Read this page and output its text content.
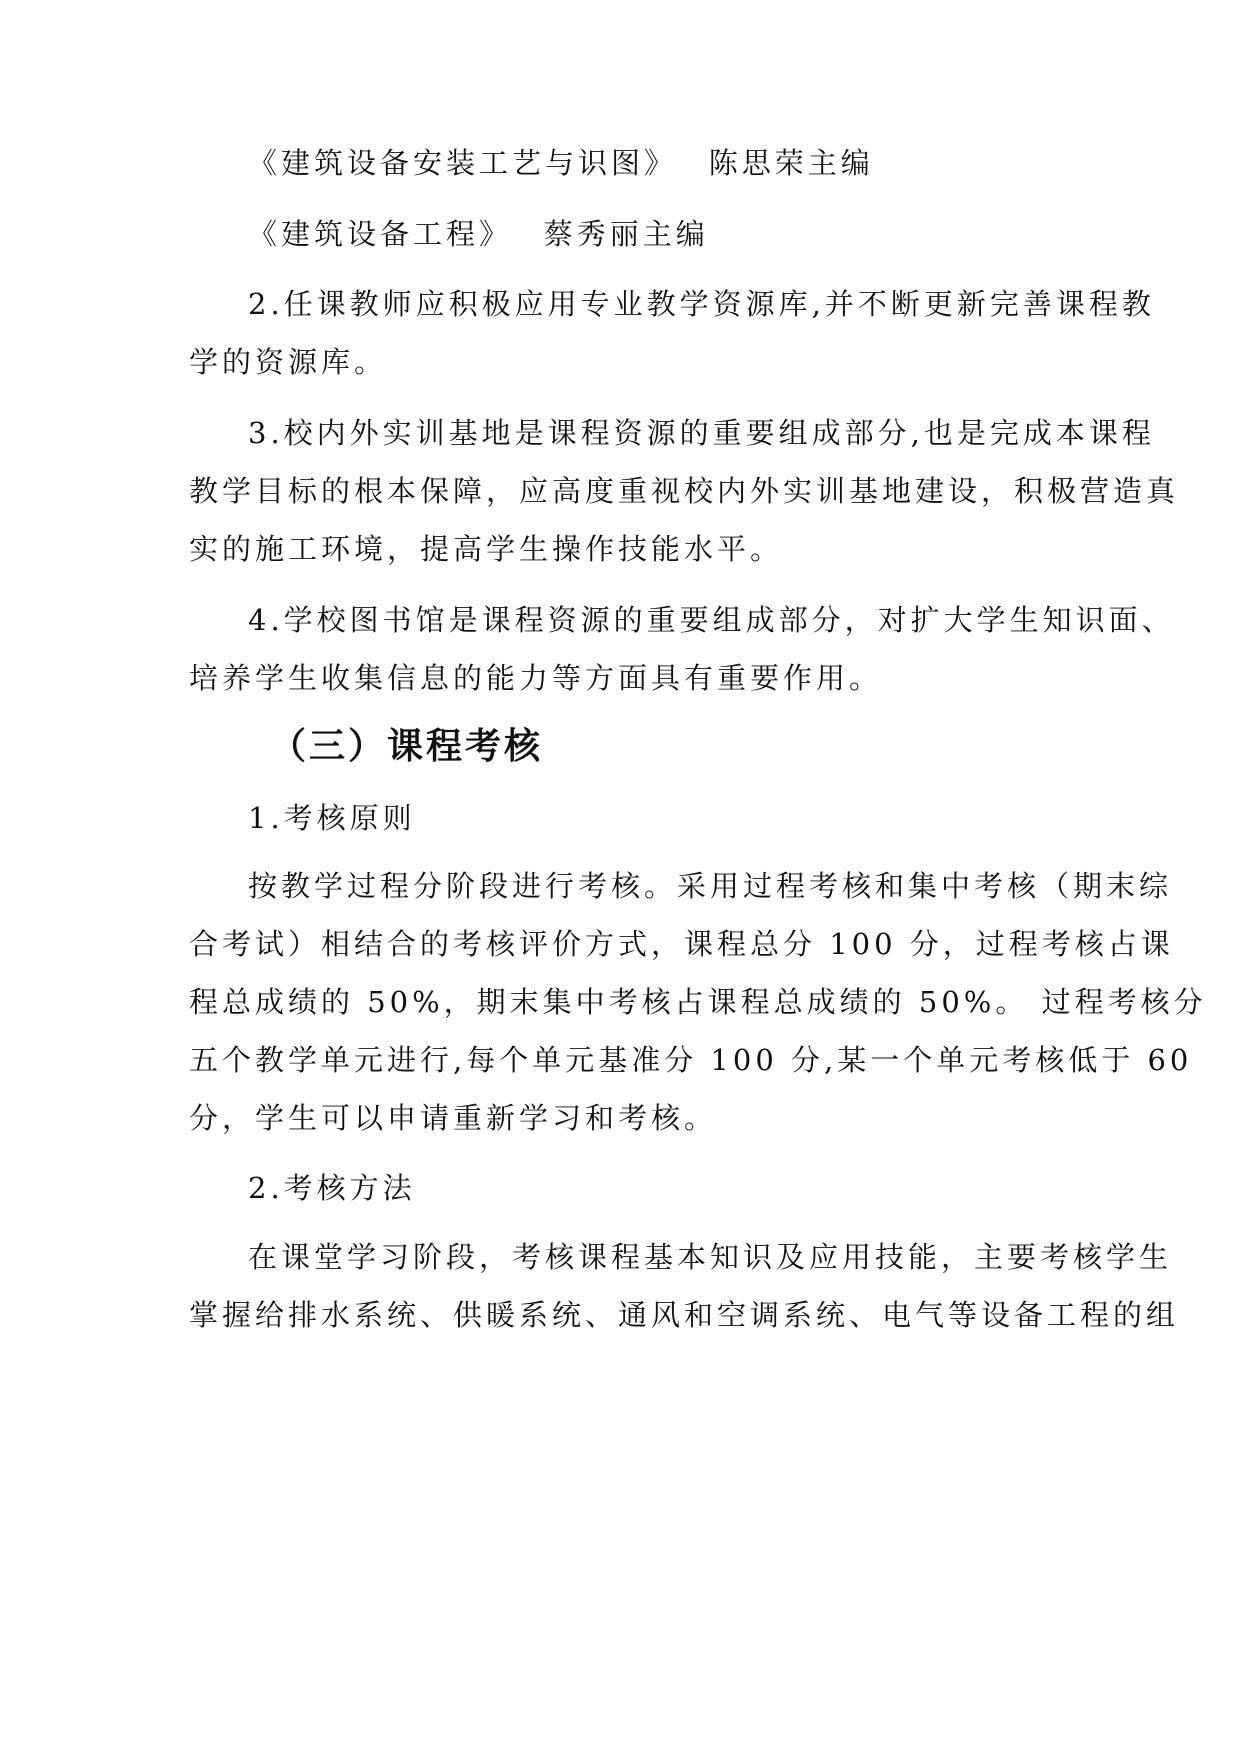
《建筑设备安装工艺与识图》　 陈思荣主编
《建筑设备工程》　 蔡秀丽主编
2.任课教师应积极应用专业教学资源库,并不断更新完善课程教
学的资源库。
3.校内外实训基地是课程资源的重要组成部分,也是完成本课程
教学目标的根本保障，应高度重视校内外实训基地建设，积极营造真
实的施工环境，提高学生操作技能水平。
4.学校图书馆是课程资源的重要组成部分，对扩大学生知识面、
培养学生收集信息的能力等方面具有重要作用。
（三）课程考核
1.考核原则
按教学过程分阶段进行考核。采用过程考核和集中考核（期末综
合考试）相结合的考核评价方式，课程总分 100 分，过程考核占课
程总成绩的 50%，期末集中考核占课程总成绩的 50%。 过程考核分
五个教学单元进行,每个单元基准分 100 分,某一个单元考核低于 60
分，学生可以申请重新学习和考核。
2.考核方法
在课堂学习阶段，考核课程基本知识及应用技能，主要考核学生
掌握给排水系统、供暖系统、通风和空调系统、电气等设备工程的组
